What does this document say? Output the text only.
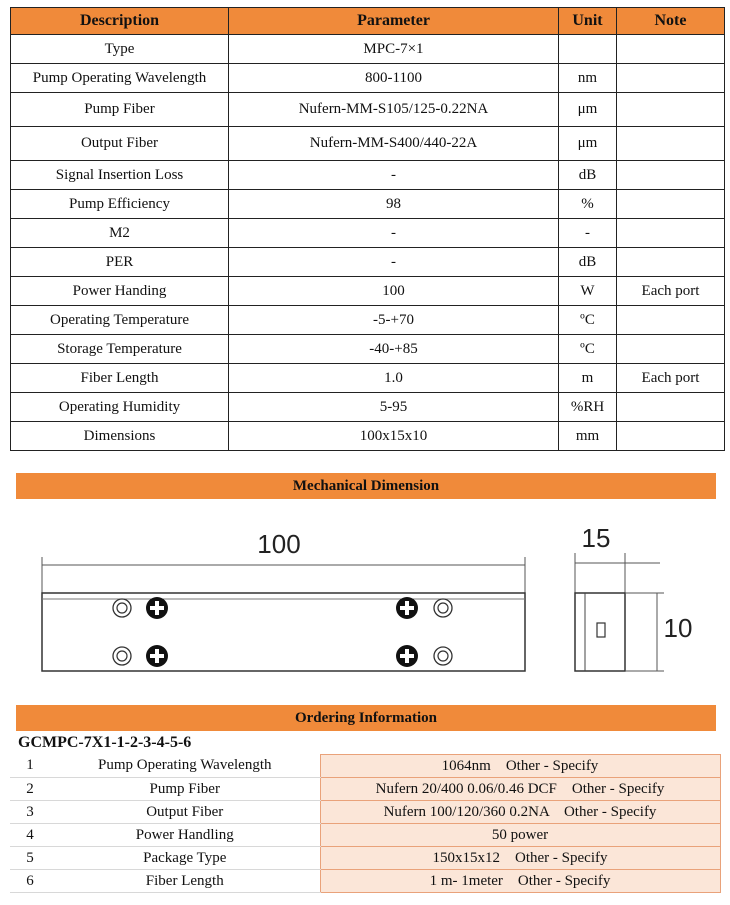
Description	Parameter	Unit	Note
Type	MPC-7×1		
Pump Operating Wavelength	800-1100	nm	
Pump Fiber	Nufern-MM-S105/125-0.22NA	μm	
Output Fiber	Nufern-MM-S400/440-22A	μm	
Signal Insertion Loss	-	dB	
Pump Efficiency	98	%	
M2	-	-	
PER	-	dB	
Power Handing	100	W	Each port
Operating Temperature	-5-+70	ºC	
Storage Temperature	-40-+85	ºC	
Fiber Length	1.0	m	Each port
Operating Humidity	5-95	%RH	
Dimensions	100x15x10	mm	
Mechanical Dimension
100	15
10
Ordering Information
GCMPC-7X1-1-2-3-4-5-6
1	Pump Operating Wavelength	1064nm    Other - Specify
2	Pump Fiber	Nufern 20/400 0.06/0.46 DCF    Other - Specify
3	Output Fiber	Nufern 100/120/360 0.2NA    Other - Specify
4	Power Handling	50 power
5	Package Type	150x15x12    Other - Specify
6	Fiber Length	1 m- 1meter    Other - Specify
